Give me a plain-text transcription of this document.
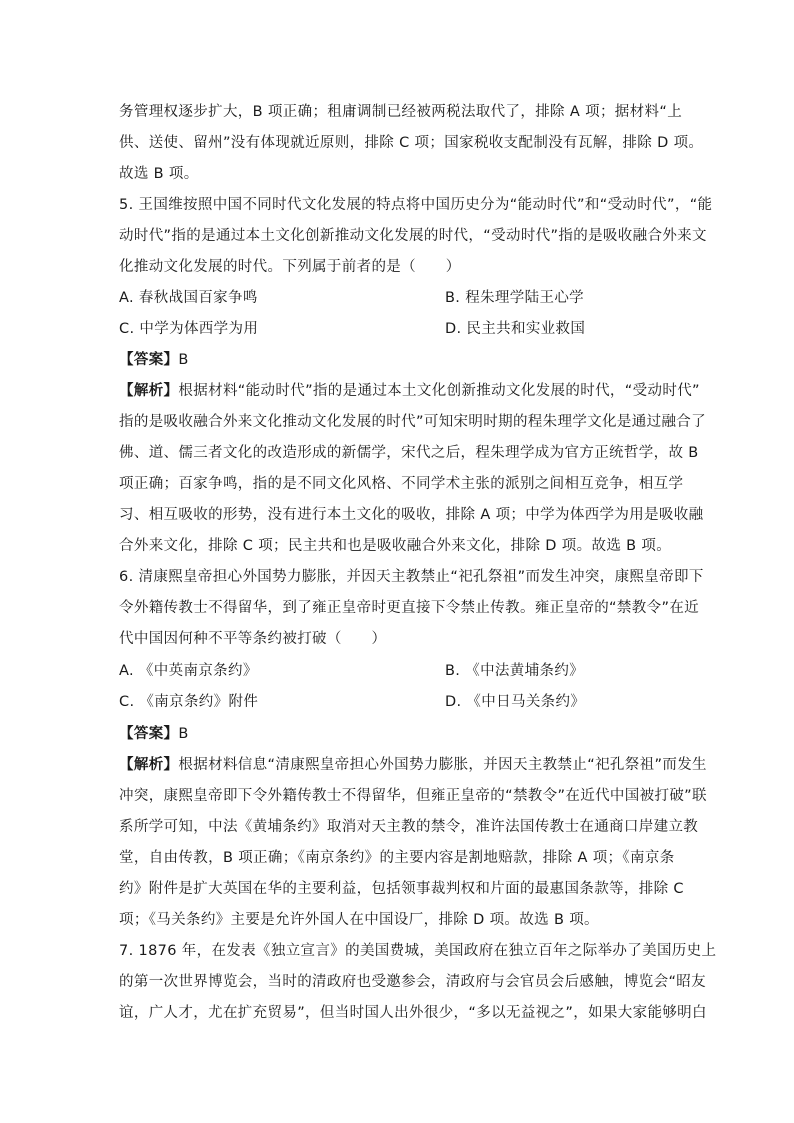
务管理权逐步扩大，B 项正确；租庸调制已经被两税法取代了，排除 A 项；据材料“上
供、送使、留州”没有体现就近原则，排除 C 项；国家税收支配制没有瓦解，排除 D 项。
故选 B 项。
5. 王国维按照中国不同时代文化发展的特点将中国历史分为“能动时代”和“受动时代”，“能
动时代”指的是通过本土文化创新推动文化发展的时代，“受动时代”指的是吸收融合外来文
化推动文化发展的时代。下列属于前者的是（　　）
A. 春秋战国百家争鸣	B. 程朱理学陆王心学
C. 中学为体西学为用	D. 民主共和实业救国
【答案】B
【解析】根据材料“能动时代”指的是通过本土文化创新推动文化发展的时代，“受动时代”
指的是吸收融合外来文化推动文化发展的时代”可知宋明时期的程朱理学文化是通过融合了
佛、道、儒三者文化的改造形成的新儒学，宋代之后，程朱理学成为官方正统哲学，故 B
项正确；百家争鸣，指的是不同文化风格、不同学术主张的派别之间相互竞争，相互学
习、相互吸收的形势，没有进行本土文化的吸收，排除 A 项；中学为体西学为用是吸收融
合外来文化，排除 C 项；民主共和也是吸收融合外来文化，排除 D 项。故选 B 项。
6. 清康熙皇帝担心外国势力膨胀，并因天主教禁止“祀孔祭祖”而发生冲突，康熙皇帝即下
令外籍传教士不得留华，到了雍正皇帝时更直接下令禁止传教。雍正皇帝的“禁教令”在近
代中国因何种不平等条约被打破（　　）
A. 《中英南京条约》	B. 《中法黄埔条约》
C. 《南京条约》附件	D. 《中日马关条约》
【答案】B
【解析】根据材料信息“清康熙皇帝担心外国势力膨胀，并因天主教禁止“祀孔祭祖”而发生
冲突，康熙皇帝即下令外籍传教士不得留华，但雍正皇帝的“禁教令”在近代中国被打破”联
系所学可知，中法《黄埔条约》取消对天主教的禁令，准许法国传教士在通商口岸建立教
堂，自由传教，B 项正确；《南京条约》的主要内容是割地赔款，排除 A 项；《南京条
约》附件是扩大英国在华的主要利益，包括领事裁判权和片面的最惠国条款等，排除 C
项；《马关条约》主要是允许外国人在中国设厂，排除 D 项。故选 B 项。
7. 1876 年，在发表《独立宣言》的美国费城，美国政府在独立百年之际举办了美国历史上
的第一次世界博览会，当时的清政府也受邀参会，清政府与会官员会后感触，博览会“昭友
谊，广人才，尤在扩充贸易”，但当时国人出外很少，“多以无益视之”，如果大家能够明白
